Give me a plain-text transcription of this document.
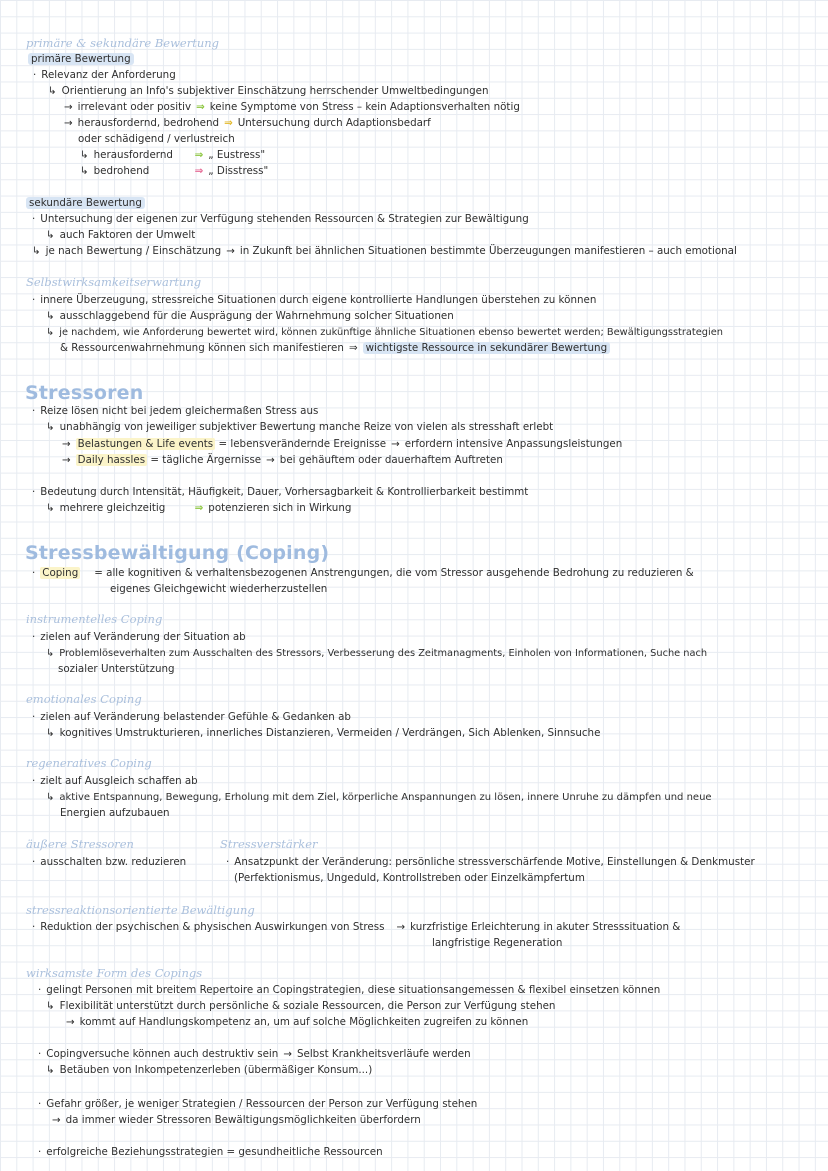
primäre & sekundäre Bewertung
primäre Bewertung
· Relevanz der Anforderung
↳ Orientierung an Info's subjektiver Einschätzung herrschender Umweltbedingungen
→ irrelevant oder positiv ⇒ keine Symptome von Stress – kein Adaptionsverhalten nötig
→ herausfordernd, bedrohend ⇒ Untersuchung durch Adaptionsbedarf
oder schädigend / verlustreich
↳ herausfordernd ⇒ „ Eustress"
↳ bedrohend	⇒ „ Disstress"
sekundäre Bewertung
· Untersuchung der eigenen zur Verfügung stehenden Ressourcen & Strategien zur Bewältigung
↳ auch Faktoren der Umwelt
↳ je nach Bewertung / Einschätzung → in Zukunft bei ähnlichen Situationen bestimmte Überzeugungen manifestieren – auch emotional
Selbstwirksamkeitserwartung
· innere Überzeugung, stressreiche Situationen durch eigene kontrollierte Handlungen überstehen zu können
↳ ausschlaggebend für die Ausprägung der Wahrnehmung solcher Situationen
↳ je nachdem, wie Anforderung bewertet wird, können zukünftige ähnliche Situationen ebenso bewertet werden; Bewältigungsstrategien
& Ressourcenwahrnehmung können sich manifestieren ⇒ wichtigste Ressource in sekundärer Bewertung
Stressoren
· Reize lösen nicht bei jedem gleichermaßen Stress aus
↳ unabhängig von jeweiliger subjektiver Bewertung manche Reize von vielen als stresshaft erlebt
→ Belastungen & Life events = lebensverändernde Ereignisse → erfordern intensive Anpassungsleistungen
→ Daily hassles = tägliche Ärgernisse → bei gehäuftem oder dauerhaftem Auftreten
· Bedeutung durch Intensität, Häufigkeit, Dauer, Vorhersagbarkeit & Kontrollierbarkeit bestimmt
↳ mehrere gleichzeitig	⇒ potenzieren sich in Wirkung
Stressbewältigung (Coping)
· Coping = alle kognitiven & verhaltensbezogenen Anstrengungen, die vom Stressor ausgehende Bedrohung zu reduzieren &
eigenes Gleichgewicht wiederherzustellen
instrumentelles Coping
· zielen auf Veränderung der Situation ab
↳ Problemlöseverhalten zum Ausschalten des Stressors, Verbesserung des Zeitmanagments, Einholen von Informationen, Suche nach
sozialer Unterstützung
emotionales Coping
· zielen auf Veränderung belastender Gefühle & Gedanken ab
↳ kognitives Umstrukturieren, innerliches Distanzieren, Vermeiden / Verdrängen, Sich Ablenken, Sinnsuche
regeneratives Coping
· zielt auf Ausgleich schaffen ab
↳ aktive Entspannung, Bewegung, Erholung mit dem Ziel, körperliche Anspannungen zu lösen, innere Unruhe zu dämpfen und neue
Energien aufzubauen
äußere Stressoren
· ausschalten bzw. reduzieren
Stressverstärker
· Ansatzpunkt der Veränderung: persönliche stressverschärfende Motive, Einstellungen & Denkmuster
(Perfektionismus, Ungeduld, Kontrollstreben oder Einzelkämpfertum
stressreaktionsorientierte Bewältigung
· Reduktion der psychischen & physischen Auswirkungen von Stress → kurzfristige Erleichterung in akuter Stresssituation &
langfristige Regeneration
wirksamste Form des Copings
· gelingt Personen mit breitem Repertoire an Copingstrategien, diese situationsangemessen & flexibel einsetzen können
↳ Flexibilität unterstützt durch persönliche & soziale Ressourcen, die Person zur Verfügung stehen
→ kommt auf Handlungskompetenz an, um auf solche Möglichkeiten zugreifen zu können
· Copingversuche können auch destruktiv sein → Selbst Krankheitsverläufe werden
↳ Betäuben von Inkompetenzerleben (übermäßiger Konsum...)
· Gefahr größer, je weniger Strategien / Ressourcen der Person zur Verfügung stehen
→ da immer wieder Stressoren Bewältigungsmöglichkeiten überfordern
· erfolgreiche Beziehungsstrategien = gesundheitliche Ressourcen
